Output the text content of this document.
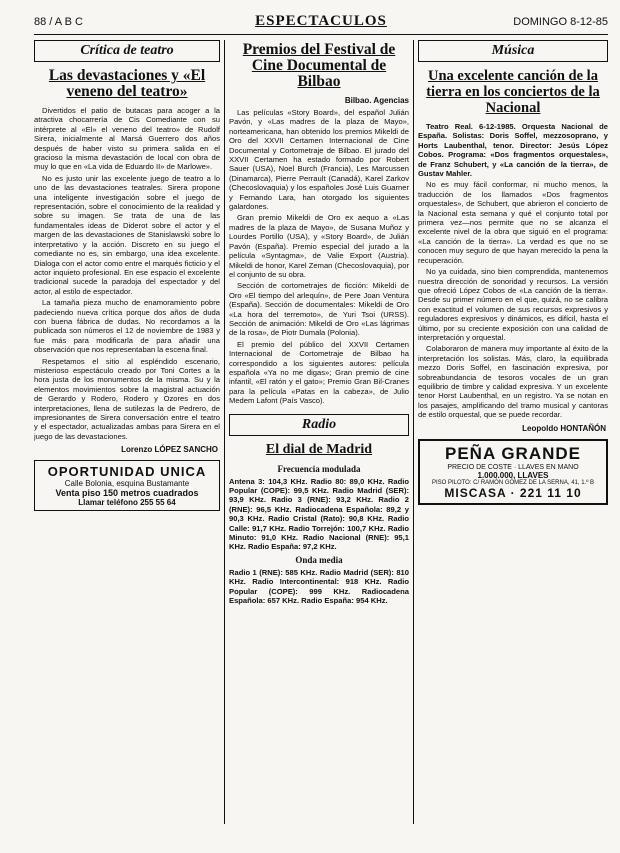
88 / A B C	ESPECTACULOS	DOMINGO 8-12-85
Crítica de teatro
Las devastaciones y «El veneno del teatro»

Divertidos el patio de butacas para acoger a la atractiva chocarrería de Cis Comediante con su intérprete al «El» el veneno del teatro» de Rudolf Sirera, inicialmente al Marsá Guerrero dos años después de haber visto su primera salida en el gracioso la misma devastación de local con obra de muy lo que en «La vida de Eduardo II» de Marlowe».

No es justo unir las excelente juego de teatro a lo uno de las devastaciones teatrales. Sirera propone una inteligente investigación sobre el juego de representación, sobre el conocimiento de la realidad y sobre su imagen. Se trata de una de las fundamentales ideas de Diderot sobre el actor y el margen de las devastaciones de Stanislawski sobre lo interpretativo y la acción. Discreto en su juego el comediante no es, sin embargo, una idea excelente. Dialoga con el actor como entre el marqués ficticio y el actor inquieto profesional. En ese espacio el excelente tradicional sucede la paradoja del espectador y del actor, al estilo de espectador.

La tamaña pieza mucho de enamoramiento pobre padeciendo nueva crítica porque dos años de duda con buena fábrica de dudas. No recordamos a la publicada son números el 12 de noviembre de 1983 y fue más para modificarla de para añadir una observación que nos representaban la escena final.

Respetamos el sitio al espléndido escenario, misterioso espectáculo creado por Toni Cortes a la hora justa de los monumentos de la misma. Su y la elementos movimientos sobre la magistral actuación de Gerardo y Rodero, Rodero y Ozores en dos interpretaciones, llena de sutilezas la de Pedrero, de impresionantes de Sirera conversación entre el teatro y el espectador, actualizadas ambas para Sirera en el juego de las devastaciones.

Lorenzo LÓPEZ SANCHO
OPORTUNIDAD UNICA
Calle Bolonia, esquina Bustamante
Venta piso 150 metros cuadrados
Llamar teléfono 255 55 64
Premios del Festival de Cine Documental de Bilbao
Bilbao. Agencias

Las películas «Story Board», del español Julián Pavón, y «Las madres de la plaza de Mayo», norteamericana, han obtenido los premios Mikeldi de Oro del XXVII Certamen Internacional de Cine Documental y Cortometraje de Bilbao. El jurado del XXVII Certamen ha estado formado por Robert Sauer (USA), Noel Burch (Francia), Les Marcussen (Dinamarca), Pierre Perrault (Canadá), Karel Zarkov (Checoslovaquia) y los españoles José Luis Guarner y Fernando Lara, han otorgado los siguientes galardones.

Gran premio Mikeldi de Oro ex aequo a «Las madres de la plaza de Mayo», de Susana Muñoz y Lourdes Portillo (USA), y «Story Board», de Julián Pavón (España). Premio especial del jurado a la película «Syntagma», de Valie Export (Austria). Mikeldi de honor, Karel Zeman (Checoslovaquia), por el conjunto de su obra.

Sección de cortometrajes de ficción: Mikeldi de Oro «El tiempo del arlequín», de Pere Joan Ventura (España). Sección de documentales: Mikeldi de Oro «La hora del terremoto», de Yuri Tsoi (URSS). Sección de animación: Mikeldi de Oro «Las lágrimas de la rosa», de Piotr Dumala (Polonia).

El premio del público del XXVII Certamen Internacional de Cortometraje de Bilbao ha correspondido a los siguientes autores: película española «Ya no me digas»; Gran premio de cine infantil, «El ratón y el gato»; Premio Gran Bil-Cranes para la película «Patas en la cabeza», de Julio Medem Lafont (País Vasco).

Radio
El dial de Madrid
Frecuencia modulada

Antena 3: 104,3 KHz. Radio 80: 89,0 KHz. Radio Popular (COPE): 99,5 KHz. Radio Madrid (SER): 93,9 KHz. Radio 3 (RNE): 93,2 KHz. Radio 2 (RNE): 96,5 KHz. Radiocadena Española: 89,2 y 90,3 KHz. Radio Cristal (Rato): 90,8 KHz. Radio Calle: 91,7 KHz. Radio Torrejón: 100,7 KHz. Radio Minuto: 91,0 KHz. Radio Nacional (RNE): 95,1 KHz. Radio España: 97,2 KHz.

Onda media

Radio 1 (RNE): 585 KHz. Radio Madrid (SER): 810 KHz. Radio Intercontinental: 918 KHz. Radio Popular (COPE): 999 KHz. Radiocadena Española: 657 KHz. Radio España: 954 KHz.

Música
Una excelente canción de la tierra en los conciertos de la Nacional

Teatro Real. 6-12-1985. Orquesta Nacional de España. Solistas: Doris Soffel, mezzosoprano, y Horts Laubenthal, tenor. Director: Jesús López Cobos. Programa: «Dos fragmentos orquestales», de Franz Schubert, y «La canción de la tierra», de Gustav Mahler.

No es muy fácil conformar, ni mucho menos, la traducción de los llamados «Dos fragmentos orquestales», de Schubert, que abrieron el concierto de la Nacional esta semana y qué el conjunto total por primera vez—nos permite que no se alcanza el excelente nivel de la obra que siguió en el programa: «La canción de la tierra». La verdad es que no se conocen muy seguro de que hayan merecido la pena la recuperación.

No ya cuidada, sino bien comprendida, mantenemos nuestra dirección de sonoridad y recursos. La versión que ofreció López Cobos de «La canción de la tierra». Desde su primer número en el que, quizá, no se calibra con exactitud el volumen de sus recursos expresivos y reguladores expresivos y dinámicos, es difícil, hasta el último, por su creciente exposición con una calidad de interpretación y orquestal.

Colaboraron de manera muy importante al éxito de la interpretación los solistas. Más, claro, la equilibrada mezzo Doris Soffel, en fascinación expresiva, por sobreabundancia de tesoros vocales de un gran equilibrio de timbre y calidad expresiva. Y un excelente tenor Horst Laubenthal, en un registro. Ya se notan en los pasajes, amplificando del tramo musical y cantoras de estilo orquestal, que se puede recordar.

Leopoldo HONTAÑÓN
PEÑA GRANDE
PRECIO DE COSTE · LLAVES EN MANO
1.000.000, LLAVES
PISO PILOTO: C/ RAMÓN GÓMEZ DE LA SERNA, 41, 1.º B
MISCASA · 221 11 10
